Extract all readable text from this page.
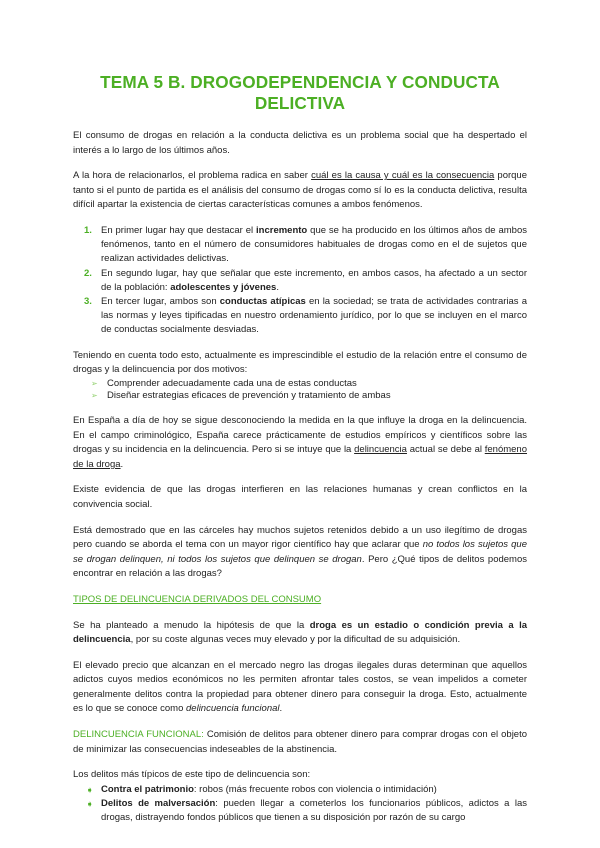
TEMA 5 B. DROGODEPENDENCIA Y CONDUCTA DELICTIVA

El consumo de drogas en relación a la conducta delictiva es un problema social que ha despertado el interés a lo largo de los últimos años.

A la hora de relacionarlos, el problema radica en saber cuál es la causa y cuál es la consecuencia porque tanto si el punto de partida es el análisis del consumo de drogas como sí lo es la conducta delictiva, resulta difícil apartar la existencia de ciertas características comunes a ambos fenómenos.

1. En primer lugar hay que destacar el incremento que se ha producido en los últimos años de ambos fenómenos, tanto en el número de consumidores habituales de drogas como en el de sujetos que realizan actividades delictivas.
2. En segundo lugar, hay que señalar que este incremento, en ambos casos, ha afectado a un sector de la población: adolescentes y jóvenes.
3. En tercer lugar, ambos son conductas atípicas en la sociedad; se trata de actividades contrarias a las normas y leyes tipificadas en nuestro ordenamiento jurídico, por lo que se incluyen en el marco de conductas socialmente desviadas.

Teniendo en cuenta todo esto, actualmente es imprescindible el estudio de la relación entre el consumo de drogas y la delincuencia por dos motivos:

➢ Comprender adecuadamente cada una de estas conductas
➢ Diseñar estrategias eficaces de prevención y tratamiento de ambas

En España a día de hoy se sigue desconociendo la medida en la que influye la droga en la delincuencia. En el campo criminológico, España carece prácticamente de estudios empíricos y científicos sobre las drogas y su incidencia en la delincuencia. Pero si se intuye que la delincuencia actual se debe al fenómeno de la droga.

Existe evidencia de que las drogas interfieren en las relaciones humanas y crean conflictos en la convivencia social.

Está demostrado que en las cárceles hay muchos sujetos retenidos debido a un uso ilegítimo de drogas pero cuando se aborda el tema con un mayor rigor científico hay que aclarar que no todos los sujetos que se drogan delinquen, ni todos los sujetos que delinquen se drogan. Pero ¿Qué tipos de delitos podemos encontrar en relación a las drogas?

TIPOS DE DELINCUENCIA DERIVADOS DEL CONSUMO

Se ha planteado a menudo la hipótesis de que la droga es un estadio o condición previa a la delincuencia, por su coste algunas veces muy elevado y por la dificultad de su adquisición.

El elevado precio que alcanzan en el mercado negro las drogas ilegales duras determinan que aquellos adictos cuyos medios económicos no les permiten afrontar tales costos, se vean impelidos a cometer generalmente delitos contra la propiedad para obtener dinero para conseguir la droga. Esto, actualmente es lo que se conoce como delincuencia funcional.

DELINCUENCIA FUNCIONAL: Comisión de delitos para obtener dinero para comprar drogas con el objeto de minimizar las consecuencias indeseables de la abstinencia.

Los delitos más típicos de este tipo de delincuencia son:

➧ Contra el patrimonio: robos (más frecuente robos con violencia o intimidación)
➧ Delitos de malversación: pueden llegar a cometerlos los funcionarios públicos, adictos a las drogas, distrayendo fondos públicos que tienen a su disposición por razón de su cargo
